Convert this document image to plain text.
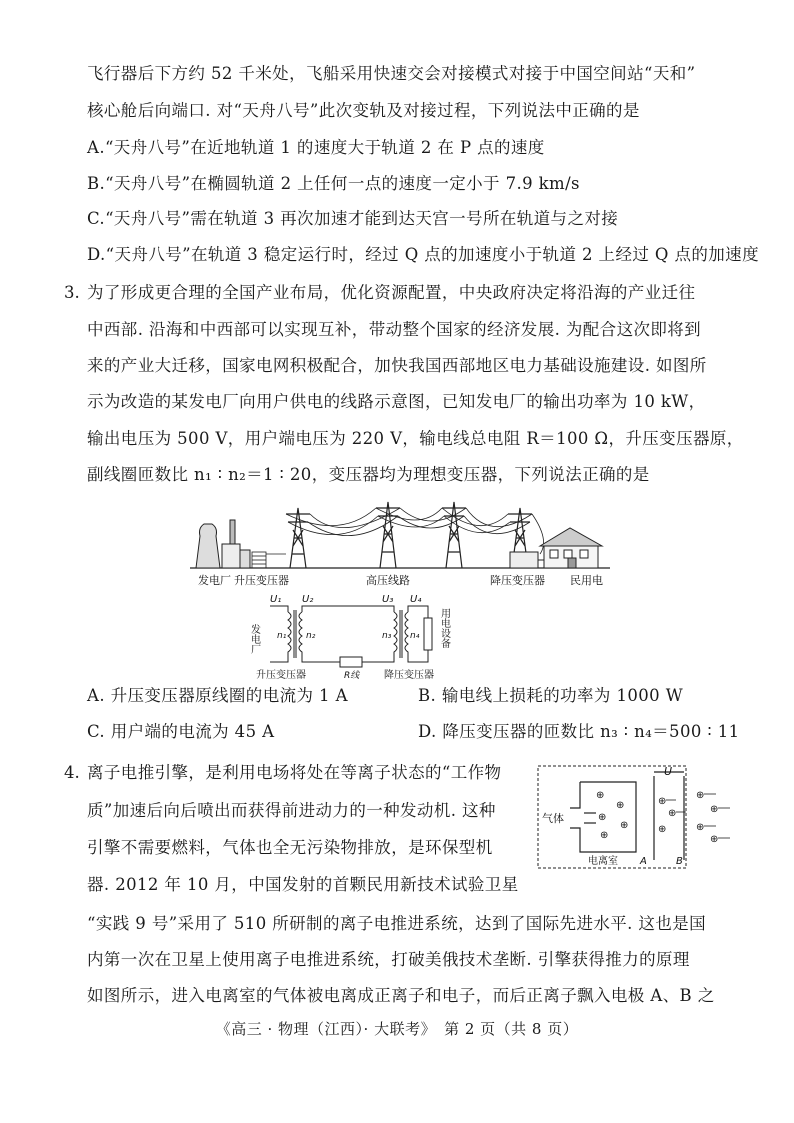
飞行器后下方约 52 千米处，飞船采用快速交会对接模式对接于中国空间站“天和”
核心舱后向端口. 对“天舟八号”此次变轨及对接过程，下列说法中正确的是
A.“天舟八号”在近地轨道 1 的速度大于轨道 2 在 P 点的速度
B.“天舟八号”在椭圆轨道 2 上任何一点的速度一定小于 7.9 km/s
C.“天舟八号”需在轨道 3 再次加速才能到达天宫一号所在轨道与之对接
D.“天舟八号”在轨道 3 稳定运行时，经过 Q 点的加速度小于轨道 2 上经过 Q 点的加速度
3. 为了形成更合理的全国产业布局，优化资源配置，中央政府决定将沿海的产业迁往
中西部. 沿海和中西部可以实现互补，带动整个国家的经济发展. 为配合这次即将到
来的产业大迁移，国家电网积极配合，加快我国西部地区电力基础设施建设. 如图所
示为改造的某发电厂向用户供电的线路示意图，已知发电厂的输出功率为 10 kW，
输出电压为 500 V，用户端电压为 220 V，输电线总电阻 R＝100 Ω，升压变压器原，
副线圈匝数比 n₁ ∶ n₂＝1 ∶ 20，变压器均为理想变压器，下列说法正确的是
发电厂 升压变压器	高压线路	降压变压器 民用电
U₁ U₂	U₃ U₄
n₁ n₂	n₃ n₄
发电厂	用电设备
升压变压器	R线 降压变压器
A. 升压变压器原线圈的电流为 1 A	B. 输电线上损耗的功率为 1000 W
C. 用户端的电流为 45 A	D. 降压变压器的匝数比 n₃ ∶ n₄＝500 ∶ 11
4. 离子电推引擎，是利用电场将处在等离子状态的“工作物
质”加速后向后喷出而获得前进动力的一种发动机. 这种
引擎不需要燃料，气体也全无污染物排放，是环保型机
器. 2012 年 10 月，中国发射的首颗民用新技术试验卫星
“实践 9 号”采用了 510 所研制的离子电推进系统，达到了国际先进水平. 这也是国
内第一次在卫星上使用离子电推进系统，打破美俄技术垄断. 引擎获得推力的原理
如图所示，进入电离室的气体被电离成正离子和电子，而后正离子飘入电极 A、B 之
U
气体
电离室 A	B
⊕
⊕
⊕
⊕
⊕
⊕
⊕
⊕
⊕
⊕
⊕
⊕
《高三 · 物理（江西）· 大联考》　第 2 页（共 8 页）
